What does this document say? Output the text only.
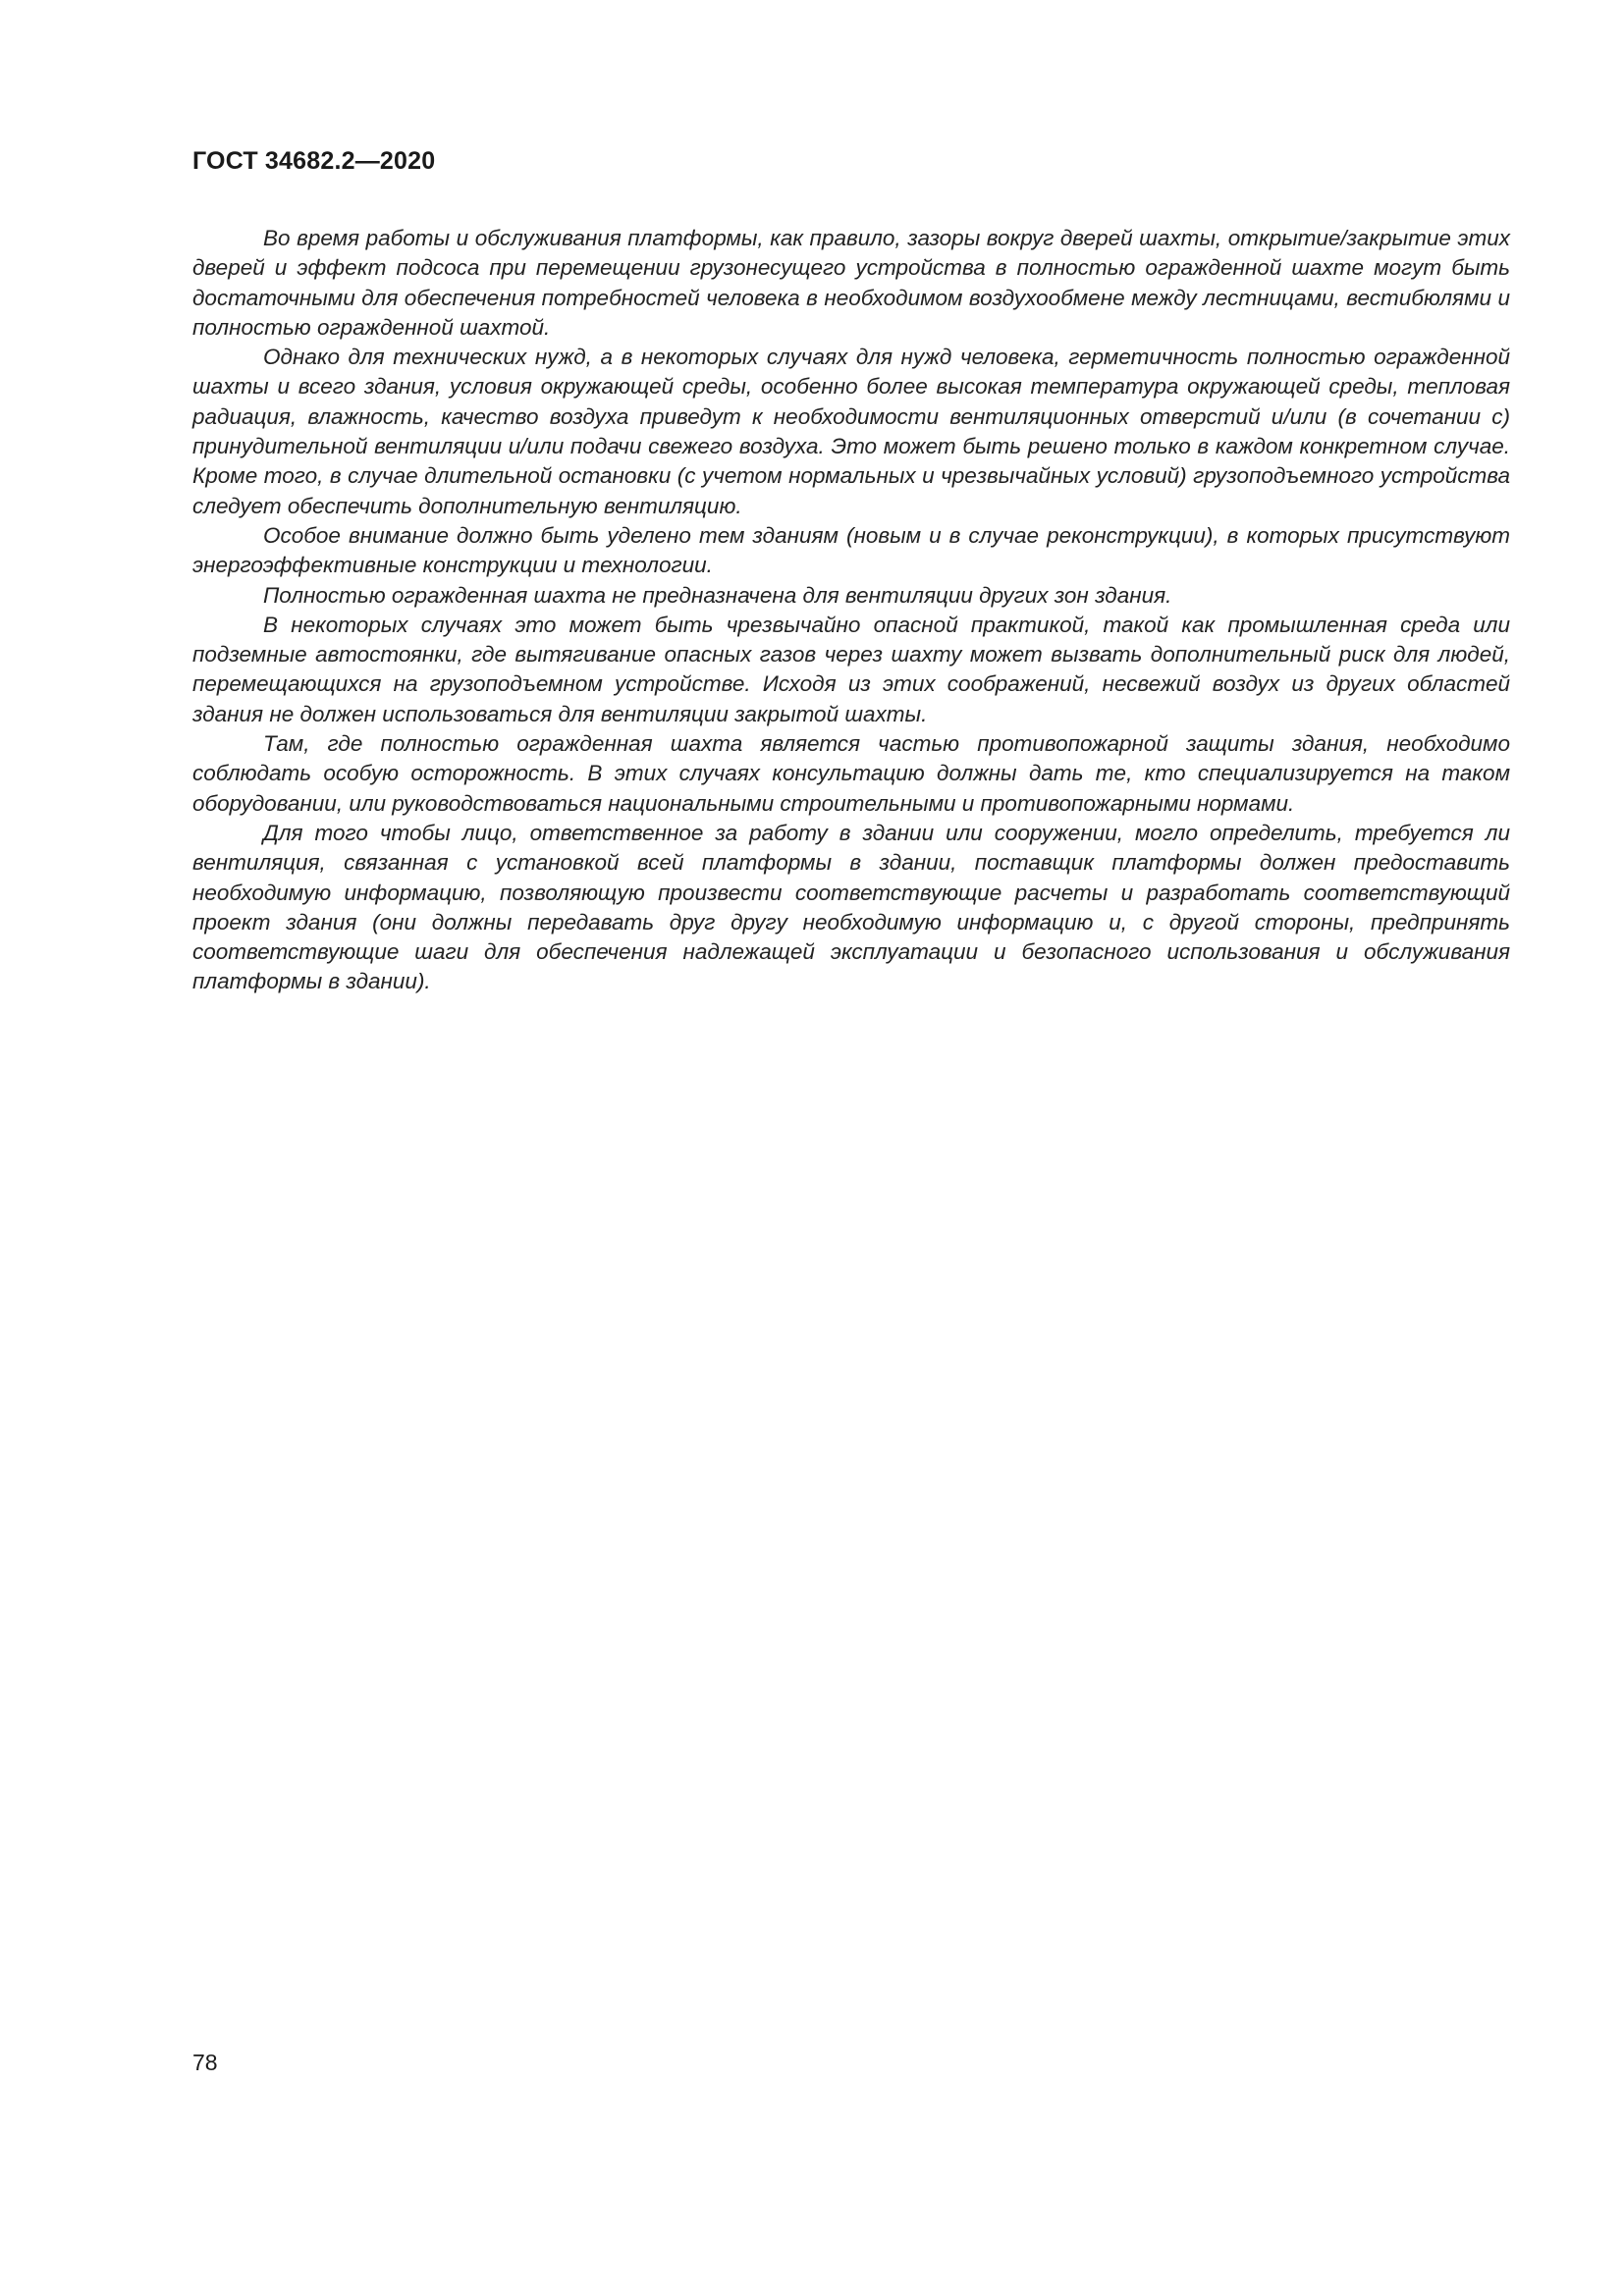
ГОСТ 34682.2—2020

Во время работы и обслуживания платформы, как правило, зазоры вокруг дверей шахты, открытие/закрытие этих дверей и эффект подсоса при перемещении грузонесущего устройства в полностью огражденной шахте могут быть достаточными для обеспечения потребностей человека в необходимом воздухообмене между лестницами, вестибюлями и полностью огражденной шахтой.

Однако для технических нужд, а в некоторых случаях для нужд человека, герметичность полностью огражденной шахты и всего здания, условия окружающей среды, особенно более высокая температура окружающей среды, тепловая радиация, влажность, качество воздуха приведут к необходимости вентиляционных отверстий и/или (в сочетании с) принудительной вентиляции и/или подачи свежего воздуха. Это может быть решено только в каждом конкретном случае. Кроме того, в случае длительной остановки (с учетом нормальных и чрезвычайных условий) грузоподъемного устройства следует обеспечить дополнительную вентиляцию.

Особое внимание должно быть уделено тем зданиям (новым и в случае реконструкции), в которых присутствуют энергоэффективные конструкции и технологии.

Полностью огражденная шахта не предназначена для вентиляции других зон здания.

В некоторых случаях это может быть чрезвычайно опасной практикой, такой как промышленная среда или подземные автостоянки, где вытягивание опасных газов через шахту может вызвать дополнительный риск для людей, перемещающихся на грузоподъемном устройстве. Исходя из этих соображений, несвежий воздух из других областей здания не должен использоваться для вентиляции закрытой шахты.

Там, где полностью огражденная шахта является частью противопожарной защиты здания, необходимо соблюдать особую осторожность. В этих случаях консультацию должны дать те, кто специализируется на таком оборудовании, или руководствоваться национальными строительными и противопожарными нормами.

Для того чтобы лицо, ответственное за работу в здании или сооружении, могло определить, требуется ли вентиляция, связанная с установкой всей платформы в здании, поставщик платформы должен предоставить необходимую информацию, позволяющую произвести соответствующие расчеты и разработать соответствующий проект здания (они должны передавать друг другу необходимую информацию и, с другой стороны, предпринять соответствующие шаги для обеспечения надлежащей эксплуатации и безопасного использования и обслуживания платформы в здании).

78
